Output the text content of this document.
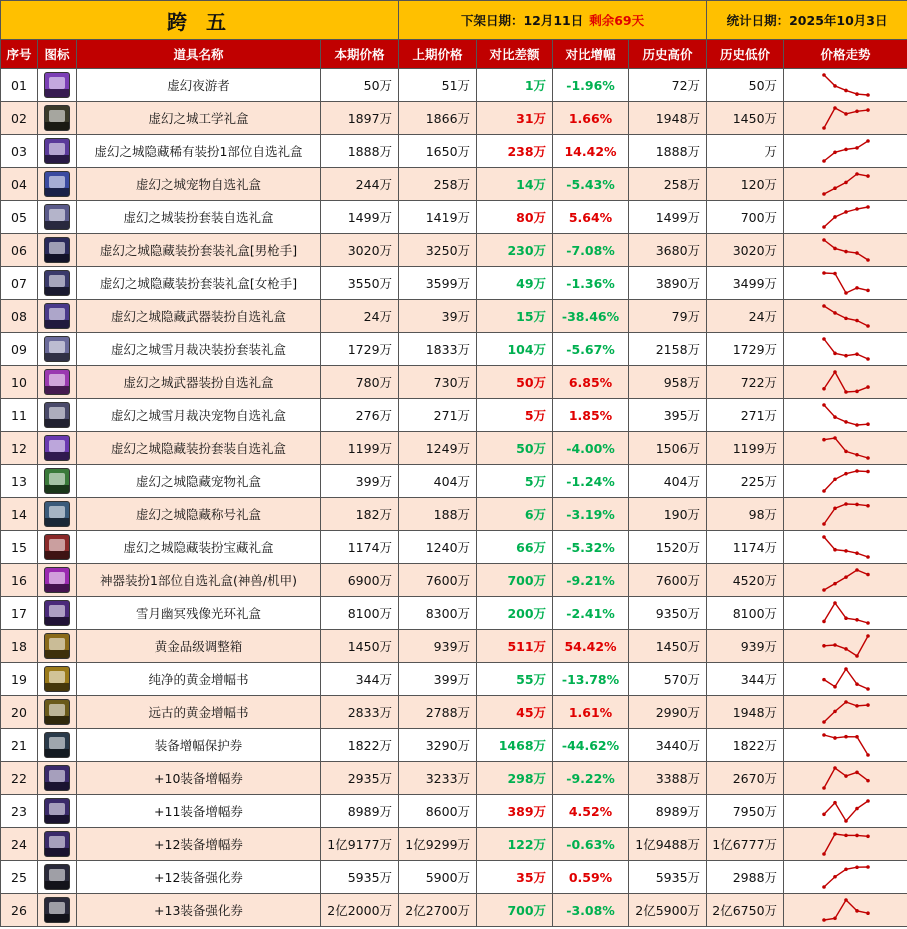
跨 五				下架日期：12月11日 剩余69天				统计日期：2025年10月3日	
序号	图标	道具名称	本期价格	上期价格	对比差额	对比增幅	历史高价	历史低价	价格走势
01		虚幻夜游者	50万	51万	1万	-1.96%	72万	50万	

02		虚幻之城工学礼盒	1897万	1866万	31万	1.66%	1948万	1450万	

03		虚幻之城隐藏稀有装扮1部位自选礼盒	1888万	1650万	238万	14.42%	1888万	万	

04		虚幻之城宠物自选礼盒	244万	258万	14万	-5.43%	258万	120万	

05		虚幻之城装扮套装自选礼盒	1499万	1419万	80万	5.64%	1499万	700万	

06		虚幻之城隐藏装扮套装礼盒[男枪手]	3020万	3250万	230万	-7.08%	3680万	3020万	

07		虚幻之城隐藏装扮套装礼盒[女枪手]	3550万	3599万	49万	-1.36%	3890万	3499万	

08		虚幻之城隐藏武器装扮自选礼盒	24万	39万	15万	-38.46%	79万	24万	

09		虚幻之城雪月裁决装扮套装礼盒	1729万	1833万	104万	-5.67%	2158万	1729万	

10		虚幻之城武器装扮自选礼盒	780万	730万	50万	6.85%	958万	722万	

11		虚幻之城雪月裁决宠物自选礼盒	276万	271万	5万	1.85%	395万	271万	

12		虚幻之城隐藏装扮套装自选礼盒	1199万	1249万	50万	-4.00%	1506万	1199万	

13		虚幻之城隐藏宠物礼盒	399万	404万	5万	-1.24%	404万	225万	

14		虚幻之城隐藏称号礼盒	182万	188万	6万	-3.19%	190万	98万	

15		虚幻之城隐藏装扮宝藏礼盒	1174万	1240万	66万	-5.32%	1520万	1174万	

16		神器装扮1部位自选礼盒(神兽/机甲)	6900万	7600万	700万	-9.21%	7600万	4520万	

17		雪月幽冥残像光环礼盒	8100万	8300万	200万	-2.41%	9350万	8100万	

18		黄金品级调整箱	1450万	939万	511万	54.42%	1450万	939万	

19		纯净的黄金增幅书	344万	399万	55万	-13.78%	570万	344万	

20		远古的黄金增幅书	2833万	2788万	45万	1.61%	2990万	1948万	

21		装备增幅保护券	1822万	3290万	1468万	-44.62%	3440万	1822万	

22		+10装备增幅券	2935万	3233万	298万	-9.22%	3388万	2670万	

23		+11装备增幅券	8989万	8600万	389万	4.52%	8989万	7950万	

24		+12装备增幅券	1亿9177万	1亿9299万	122万	-0.63%	1亿9488万	1亿6777万	

25		+12装备强化券	5935万	5900万	35万	0.59%	5935万	2988万	

26		+13装备强化券	2亿2000万	2亿2700万	700万	-3.08%	2亿5900万	2亿6750万	
